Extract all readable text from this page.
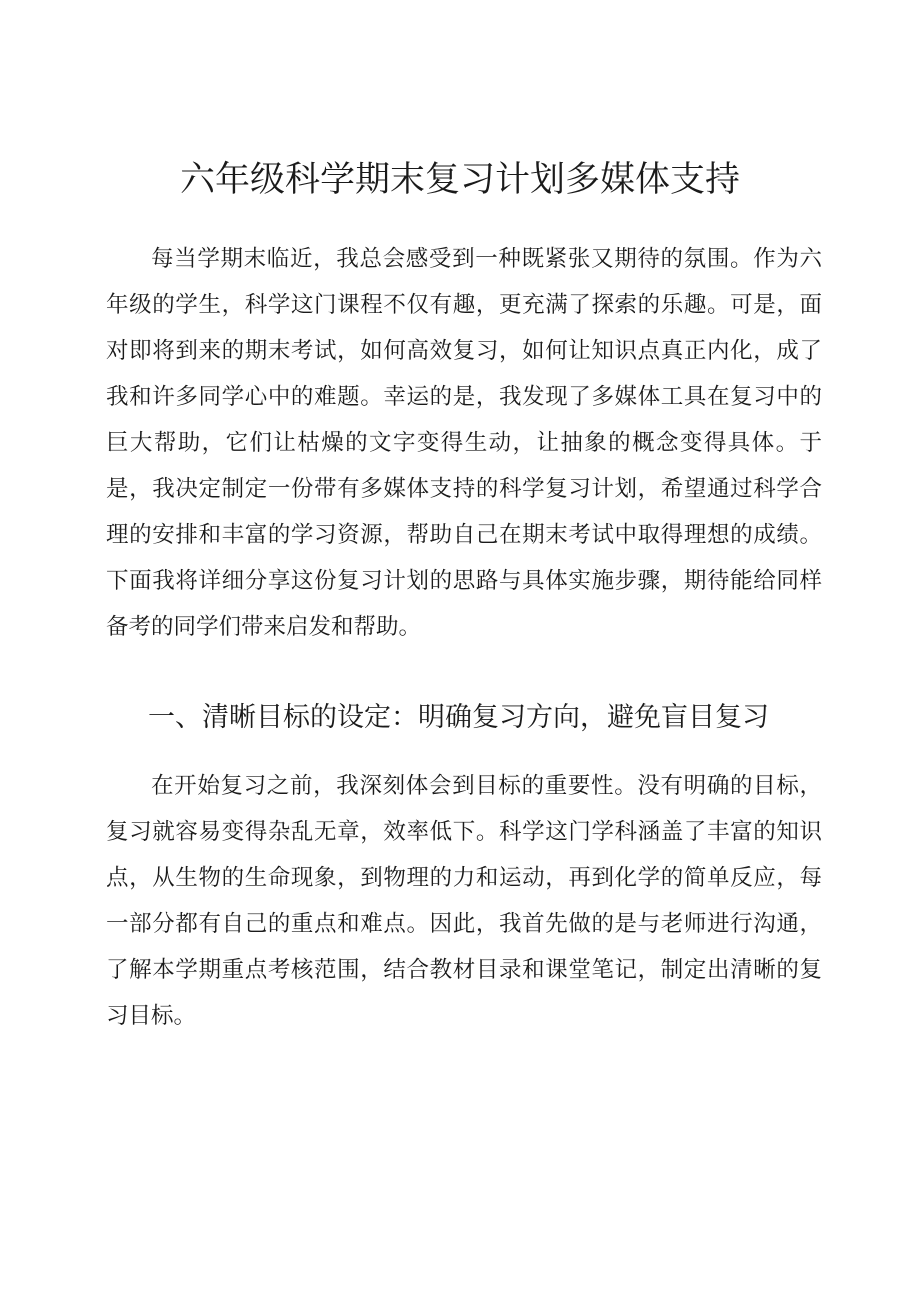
六年级科学期末复习计划多媒体支持

每当学期末临近，我总会感受到一种既紧张又期待的氛围。作为六年级的学生，科学这门课程不仅有趣，更充满了探索的乐趣。可是，面对即将到来的期末考试，如何高效复习，如何让知识点真正内化，成了我和许多同学心中的难题。幸运的是，我发现了多媒体工具在复习中的巨大帮助，它们让枯燥的文字变得生动，让抽象的概念变得具体。于是，我决定制定一份带有多媒体支持的科学复习计划，希望通过科学合理的安排和丰富的学习资源，帮助自己在期末考试中取得理想的成绩。下面我将详细分享这份复习计划的思路与具体实施步骤，期待能给同样备考的同学们带来启发和帮助。

一、清晰目标的设定：明确复习方向，避免盲目复习

在开始复习之前，我深刻体会到目标的重要性。没有明确的目标，复习就容易变得杂乱无章，效率低下。科学这门学科涵盖了丰富的知识点，从生物的生命现象，到物理的力和运动，再到化学的简单反应，每一部分都有自己的重点和难点。因此，我首先做的是与老师进行沟通，了解本学期重点考核范围，结合教材目录和课堂笔记，制定出清晰的复习目标。
